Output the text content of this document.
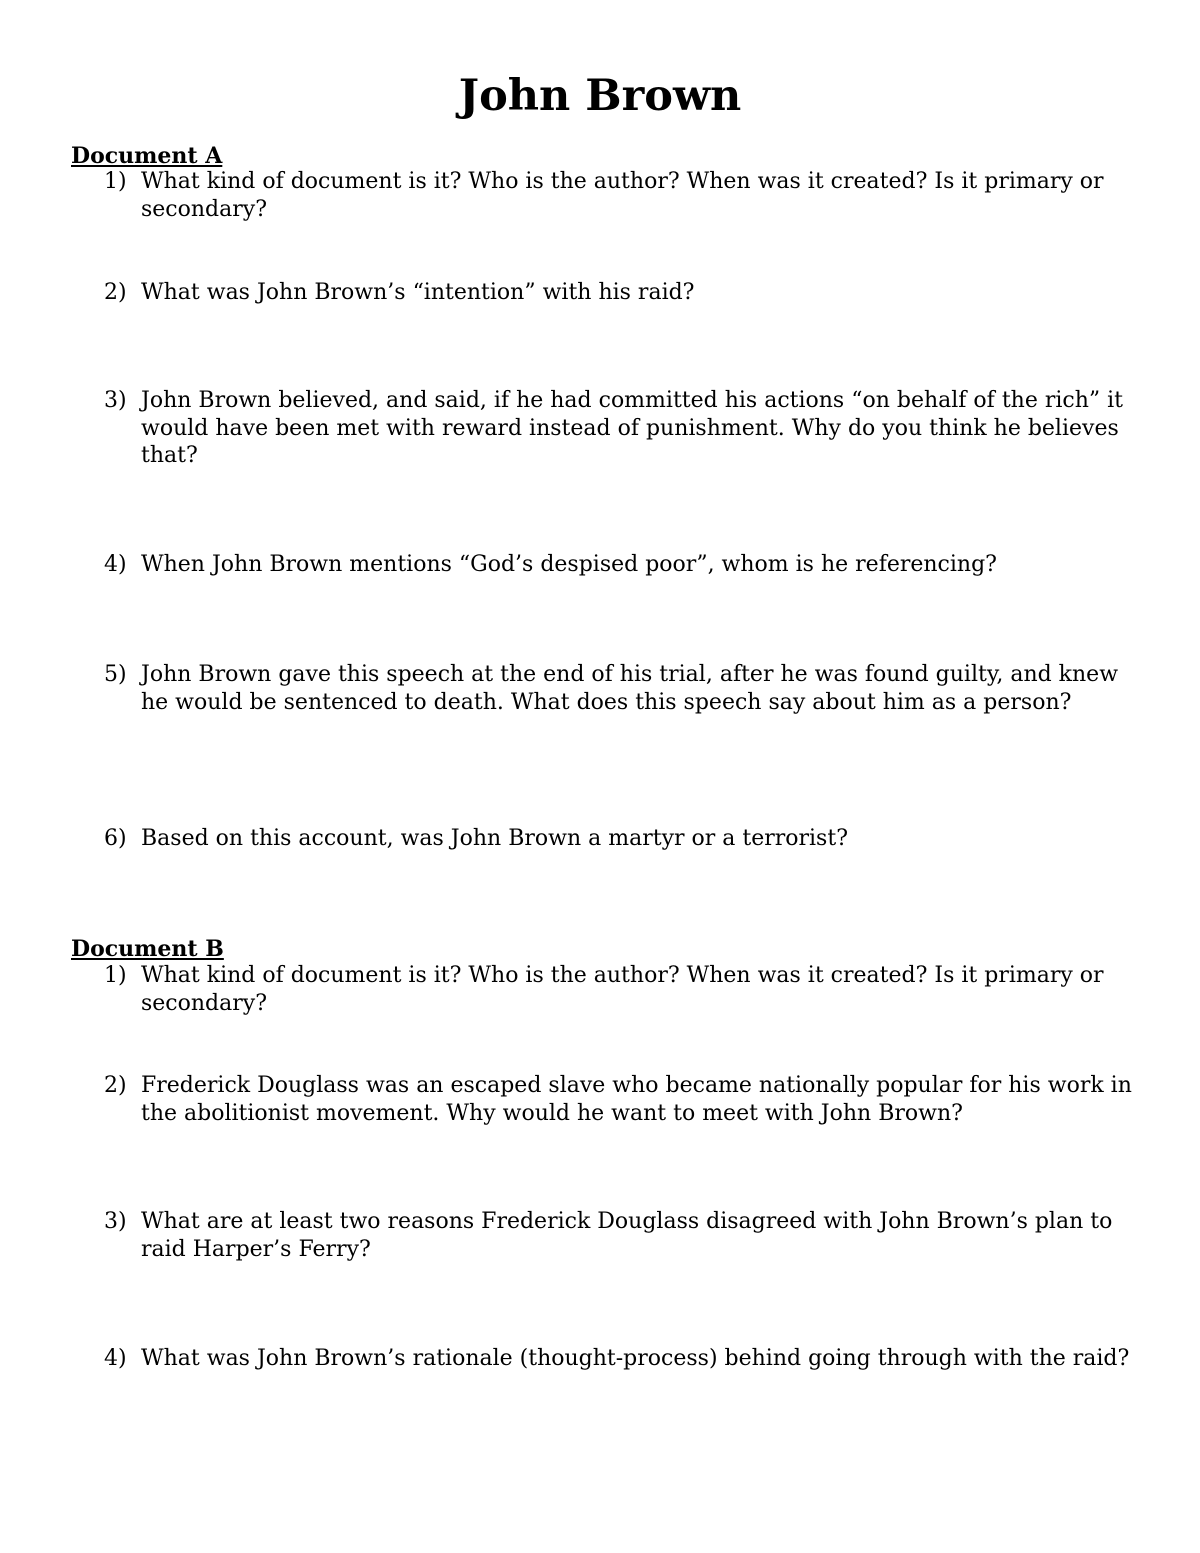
John Brown
Document A
1) What kind of document is it? Who is the author? When was it created? Is it primary or secondary?
2) What was John Brown’s “intention” with his raid?
3) John Brown believed, and said, if he had committed his actions “on behalf of the rich” it would have been met with reward instead of punishment. Why do you think he believes that?
4) When John Brown mentions “God’s despised poor”, whom is he referencing?
5) John Brown gave this speech at the end of his trial, after he was found guilty, and knew he would be sentenced to death. What does this speech say about him as a person?
6) Based on this account, was John Brown a martyr or a terrorist?
Document B
1) What kind of document is it? Who is the author? When was it created? Is it primary or secondary?
2) Frederick Douglass was an escaped slave who became nationally popular for his work in the abolitionist movement. Why would he want to meet with John Brown?
3) What are at least two reasons Frederick Douglass disagreed with John Brown’s plan to raid Harper’s Ferry?
4) What was John Brown’s rationale (thought-process) behind going through with the raid?
